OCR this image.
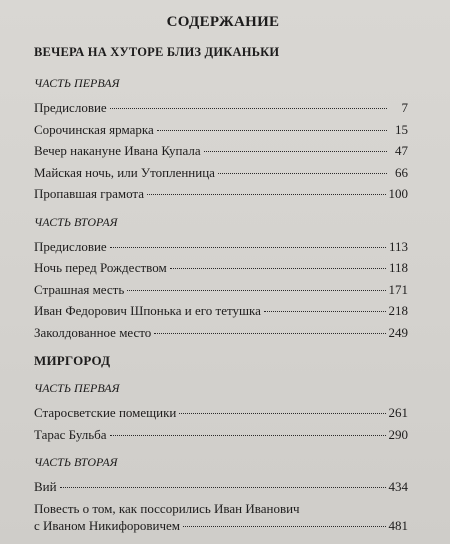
СОДЕРЖАНИЕ
ВЕЧЕРА НА ХУТОРЕ БЛИЗ ДИКАНЬКИ
ЧАСТЬ ПЕРВАЯ
Предисловие	7
Сорочинская ярмарка	15
Вечер накануне Ивана Купала	47
Майская ночь, или Утопленница	66
Пропавшая грамота	100
ЧАСТЬ ВТОРАЯ
Предисловие	113
Ночь перед Рождеством	118
Страшная месть	171
Иван Федорович Шпонька и его тетушка	218
Заколдованное место	249
МИРГОРОД
ЧАСТЬ ПЕРВАЯ
Старосветские помещики	261
Тарас Бульба	290
ЧАСТЬ ВТОРАЯ
Вий	434
Повесть о том, как поссорились Иван Иванович
с Иваном Никифоровичем	481
